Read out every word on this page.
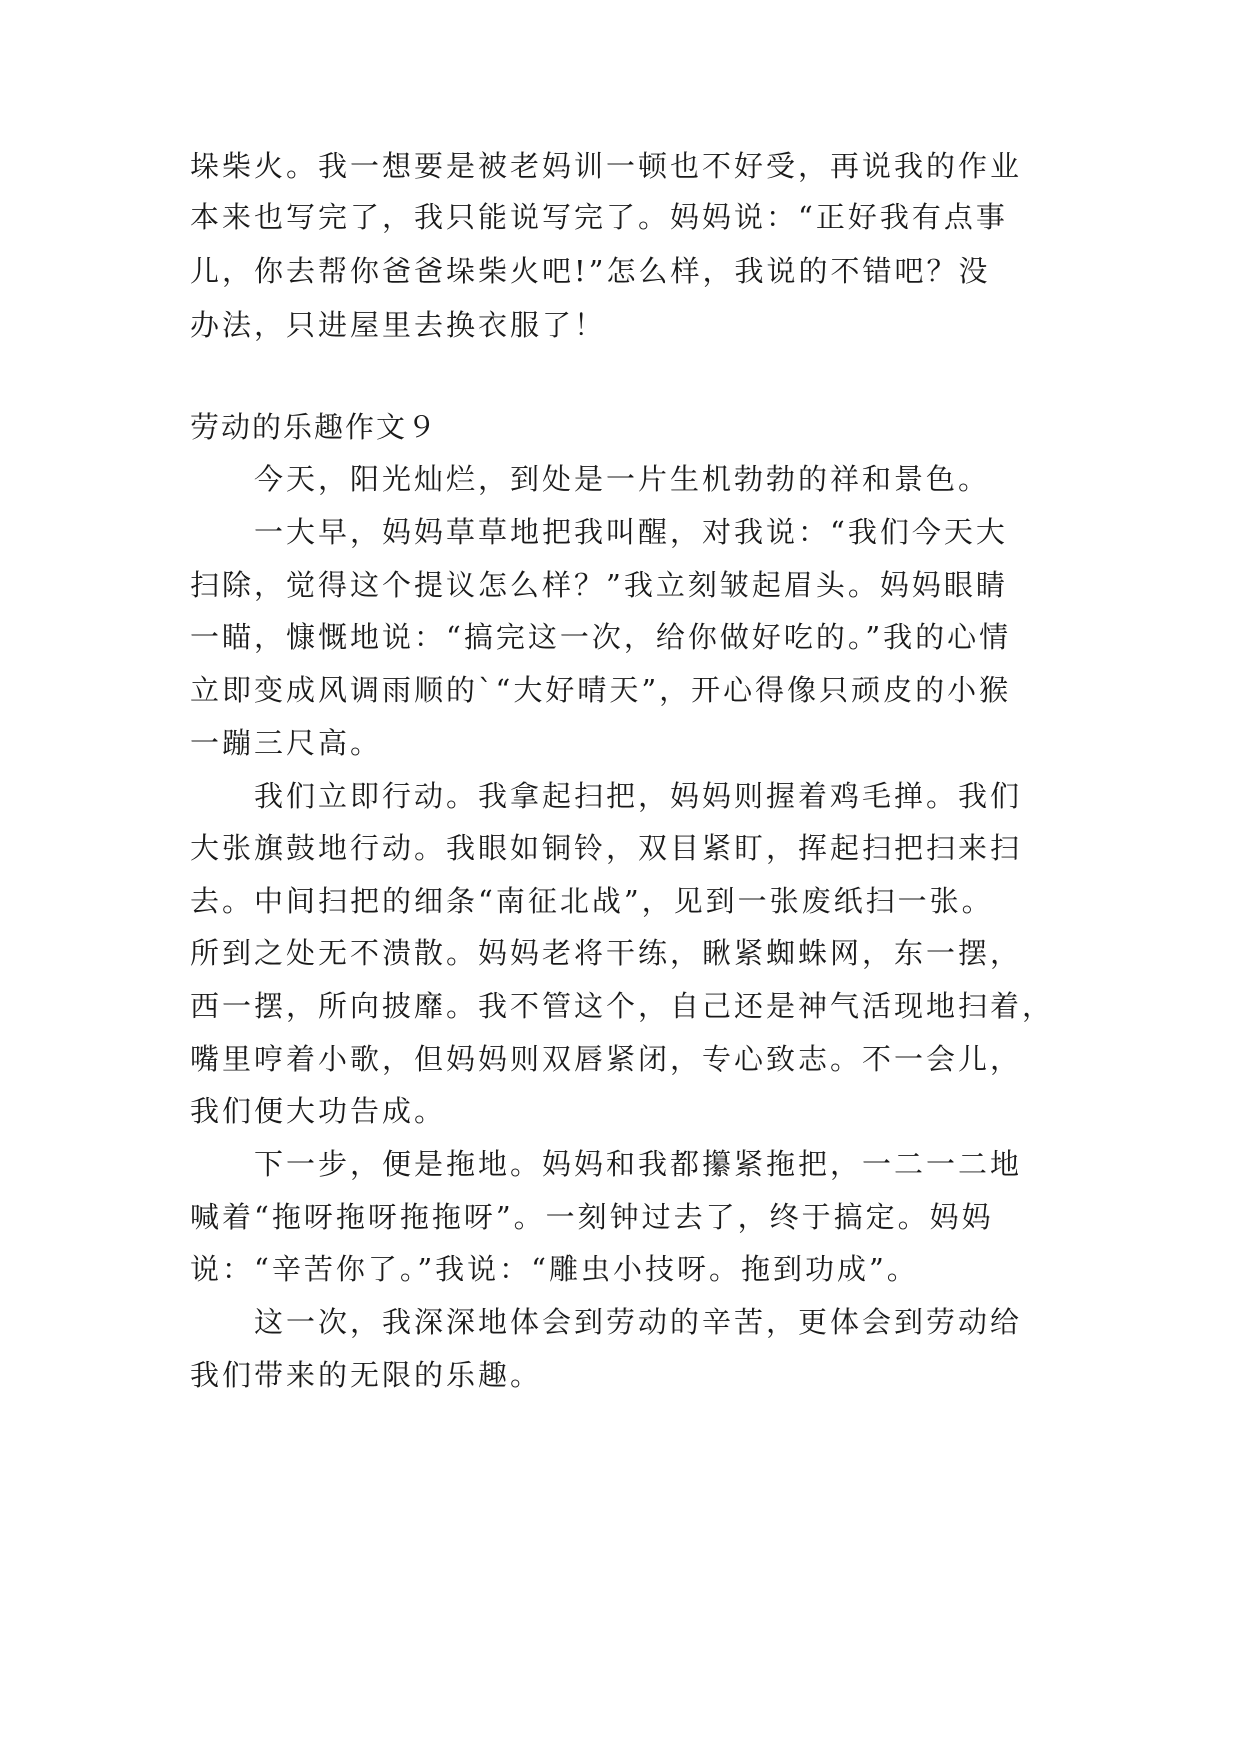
垛柴火。我一想要是被老妈训一顿也不好受，再说我的作业
本来也写完了，我只能说写完了。妈妈说：“正好我有点事
儿，你去帮你爸爸垛柴火吧!”怎么样，我说的不错吧？没
办法，只进屋里去换衣服了！
劳动的乐趣作文９
今天，阳光灿烂，到处是一片生机勃勃的祥和景色。
一大早，妈妈草草地把我叫醒，对我说：“我们今天大
扫除，觉得这个提议怎么样？”我立刻皱起眉头。妈妈眼睛
一瞄，慷慨地说：“搞完这一次，给你做好吃的。”我的心情
立即变成风调雨顺的`“大好晴天”，开心得像只顽皮的小猴
一蹦三尺高。
我们立即行动。我拿起扫把，妈妈则握着鸡毛掸。我们
大张旗鼓地行动。我眼如铜铃，双目紧盯，挥起扫把扫来扫
去。中间扫把的细条“南征北战”，见到一张废纸扫一张。
所到之处无不溃散。妈妈老将干练，瞅紧蜘蛛网，东一摆，
西一摆，所向披靡。我不管这个，自己还是神气活现地扫着，
嘴里哼着小歌，但妈妈则双唇紧闭，专心致志。不一会儿，
我们便大功告成。
下一步，便是拖地。妈妈和我都攥紧拖把，一二一二地
喊着“拖呀拖呀拖拖呀”。一刻钟过去了，终于搞定。妈妈
说：“辛苦你了。”我说：“雕虫小技呀。拖到功成”。
这一次，我深深地体会到劳动的辛苦，更体会到劳动给
我们带来的无限的乐趣。
